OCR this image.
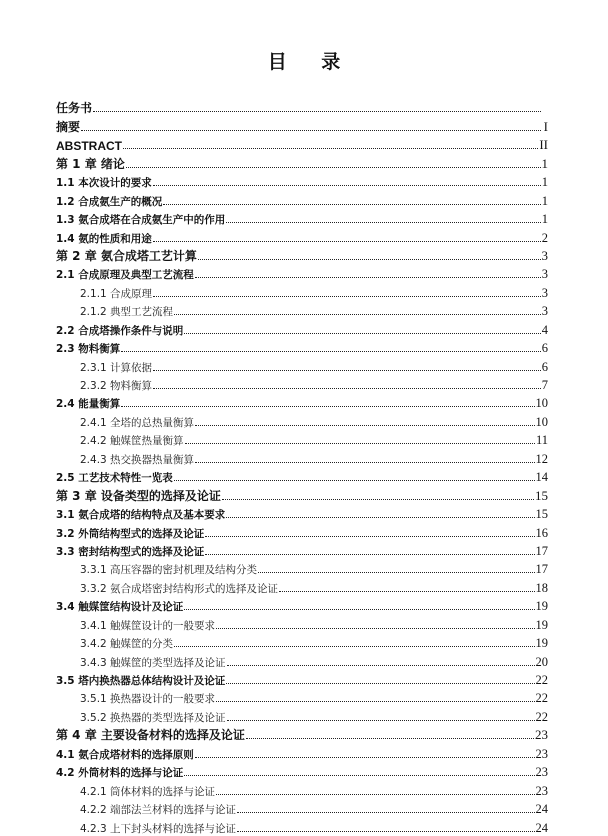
目 录
任务书
摘要	I
ABSTRACT	II
第 1 章 绪论	1
1.1 本次设计的要求	1
1.2 合成氨生产的概况	1
1.3 氨合成塔在合成氨生产中的作用	1
1.4 氨的性质和用途	2
第 2 章 氨合成塔工艺计算	3
2.1 合成原理及典型工艺流程	3
2.1.1 合成原理	3
2.1.2 典型工艺流程	3
2.2 合成塔操作条件与说明	4
2.3 物料衡算	6
2.3.1 计算依据	6
2.3.2 物料衡算	7
2.4 能量衡算	10
2.4.1 全塔的总热量衡算	10
2.4.2 触媒筐热量衡算	11
2.4.3 热交换器热量衡算	12
2.5 工艺技术特性一览表	14
第 3 章 设备类型的选择及论证	15
3.1 氨合成塔的结构特点及基本要求	15
3.2 外筒结构型式的选择及论证	16
3.3 密封结构型式的选择及论证	17
3.3.1 高压容器的密封机理及结构分类	17
3.3.2 氨合成塔密封结构形式的选择及论证	18
3.4 触媒筐结构设计及论证	19
3.4.1 触媒筐设计的一般要求	19
3.4.2 触媒筐的分类	19
3.4.3 触媒筐的类型选择及论证	20
3.5 塔内换热器总体结构设计及论证	22
3.5.1 换热器设计的一般要求	22
3.5.2 换热器的类型选择及论证	22
第 4 章 主要设备材料的选择及论证	23
4.1 氨合成塔材料的选择原则	23
4.2 外筒材料的选择与论证	23
4.2.1 筒体材料的选择与论证	23
4.2.2 端部法兰材料的选择与论证	24
4.2.3 上下封头材料的选择与论证	24
